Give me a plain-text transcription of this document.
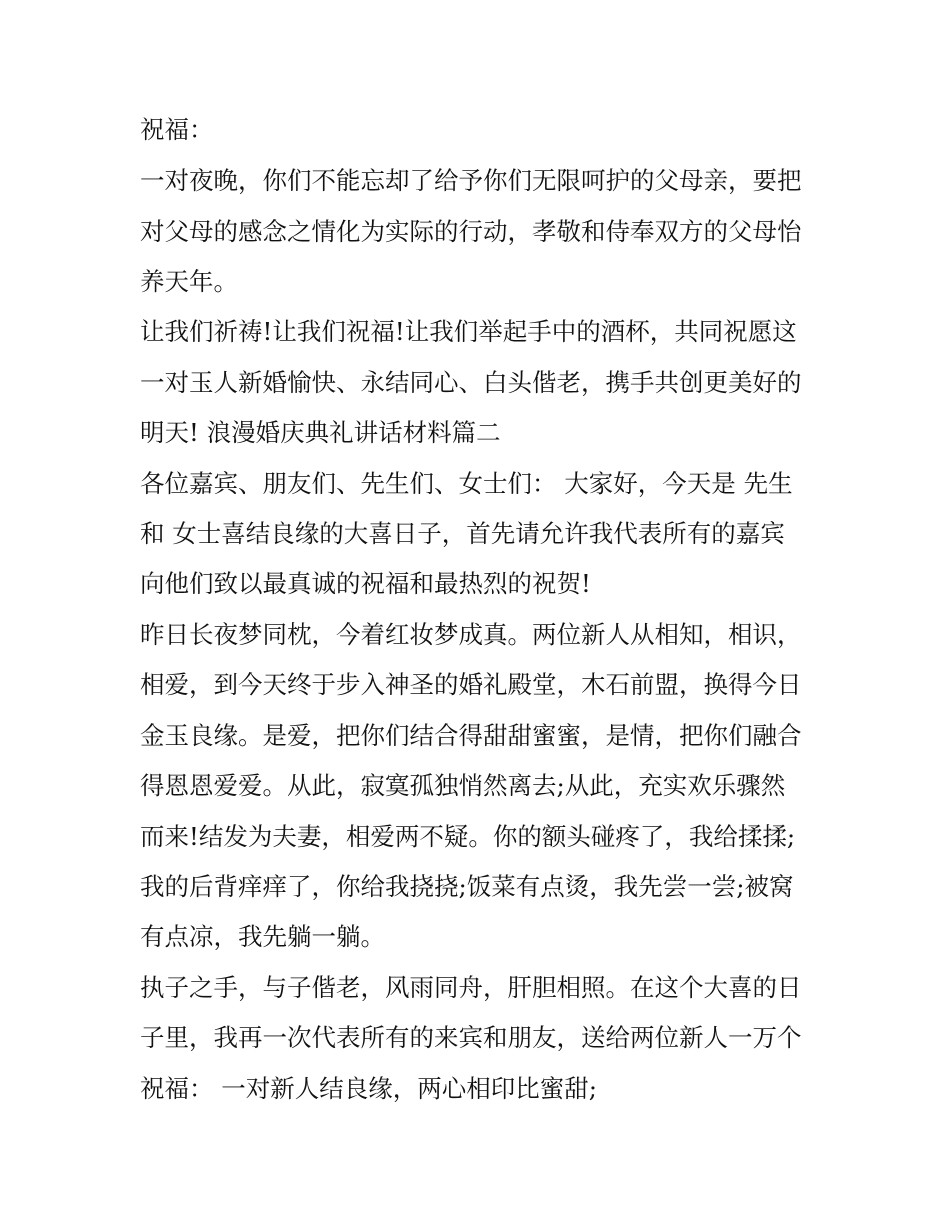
祝福：
一对夜晚，你们不能忘却了给予你们无限呵护的父母亲，要把
对父母的感念之情化为实际的行动，孝敬和侍奉双方的父母怡
养天年。
让我们祈祷!让我们祝福!让我们举起手中的酒杯，共同祝愿这
一对玉人新婚愉快、永结同心、白头偕老，携手共创更美好的
明天! 浪漫婚庆典礼讲话材料篇二
各位嘉宾、朋友们、先生们、女士们： 大家好，今天是 先生
和 女士喜结良缘的大喜日子，首先请允许我代表所有的嘉宾
向他们致以最真诚的祝福和最热烈的祝贺!
昨日长夜梦同枕，今着红妆梦成真。两位新人从相知，相识，
相爱，到今天终于步入神圣的婚礼殿堂，木石前盟，换得今日
金玉良缘。是爱，把你们结合得甜甜蜜蜜，是情，把你们融合
得恩恩爱爱。从此，寂寞孤独悄然离去;从此，充实欢乐骤然
而来!结发为夫妻，相爱两不疑。你的额头碰疼了，我给揉揉;
我的后背痒痒了，你给我挠挠;饭菜有点烫，我先尝一尝;被窝
有点凉，我先躺一躺。
执子之手，与子偕老，风雨同舟，肝胆相照。在这个大喜的日
子里，我再一次代表所有的来宾和朋友，送给两位新人一万个
祝福： 一对新人结良缘，两心相印比蜜甜;
